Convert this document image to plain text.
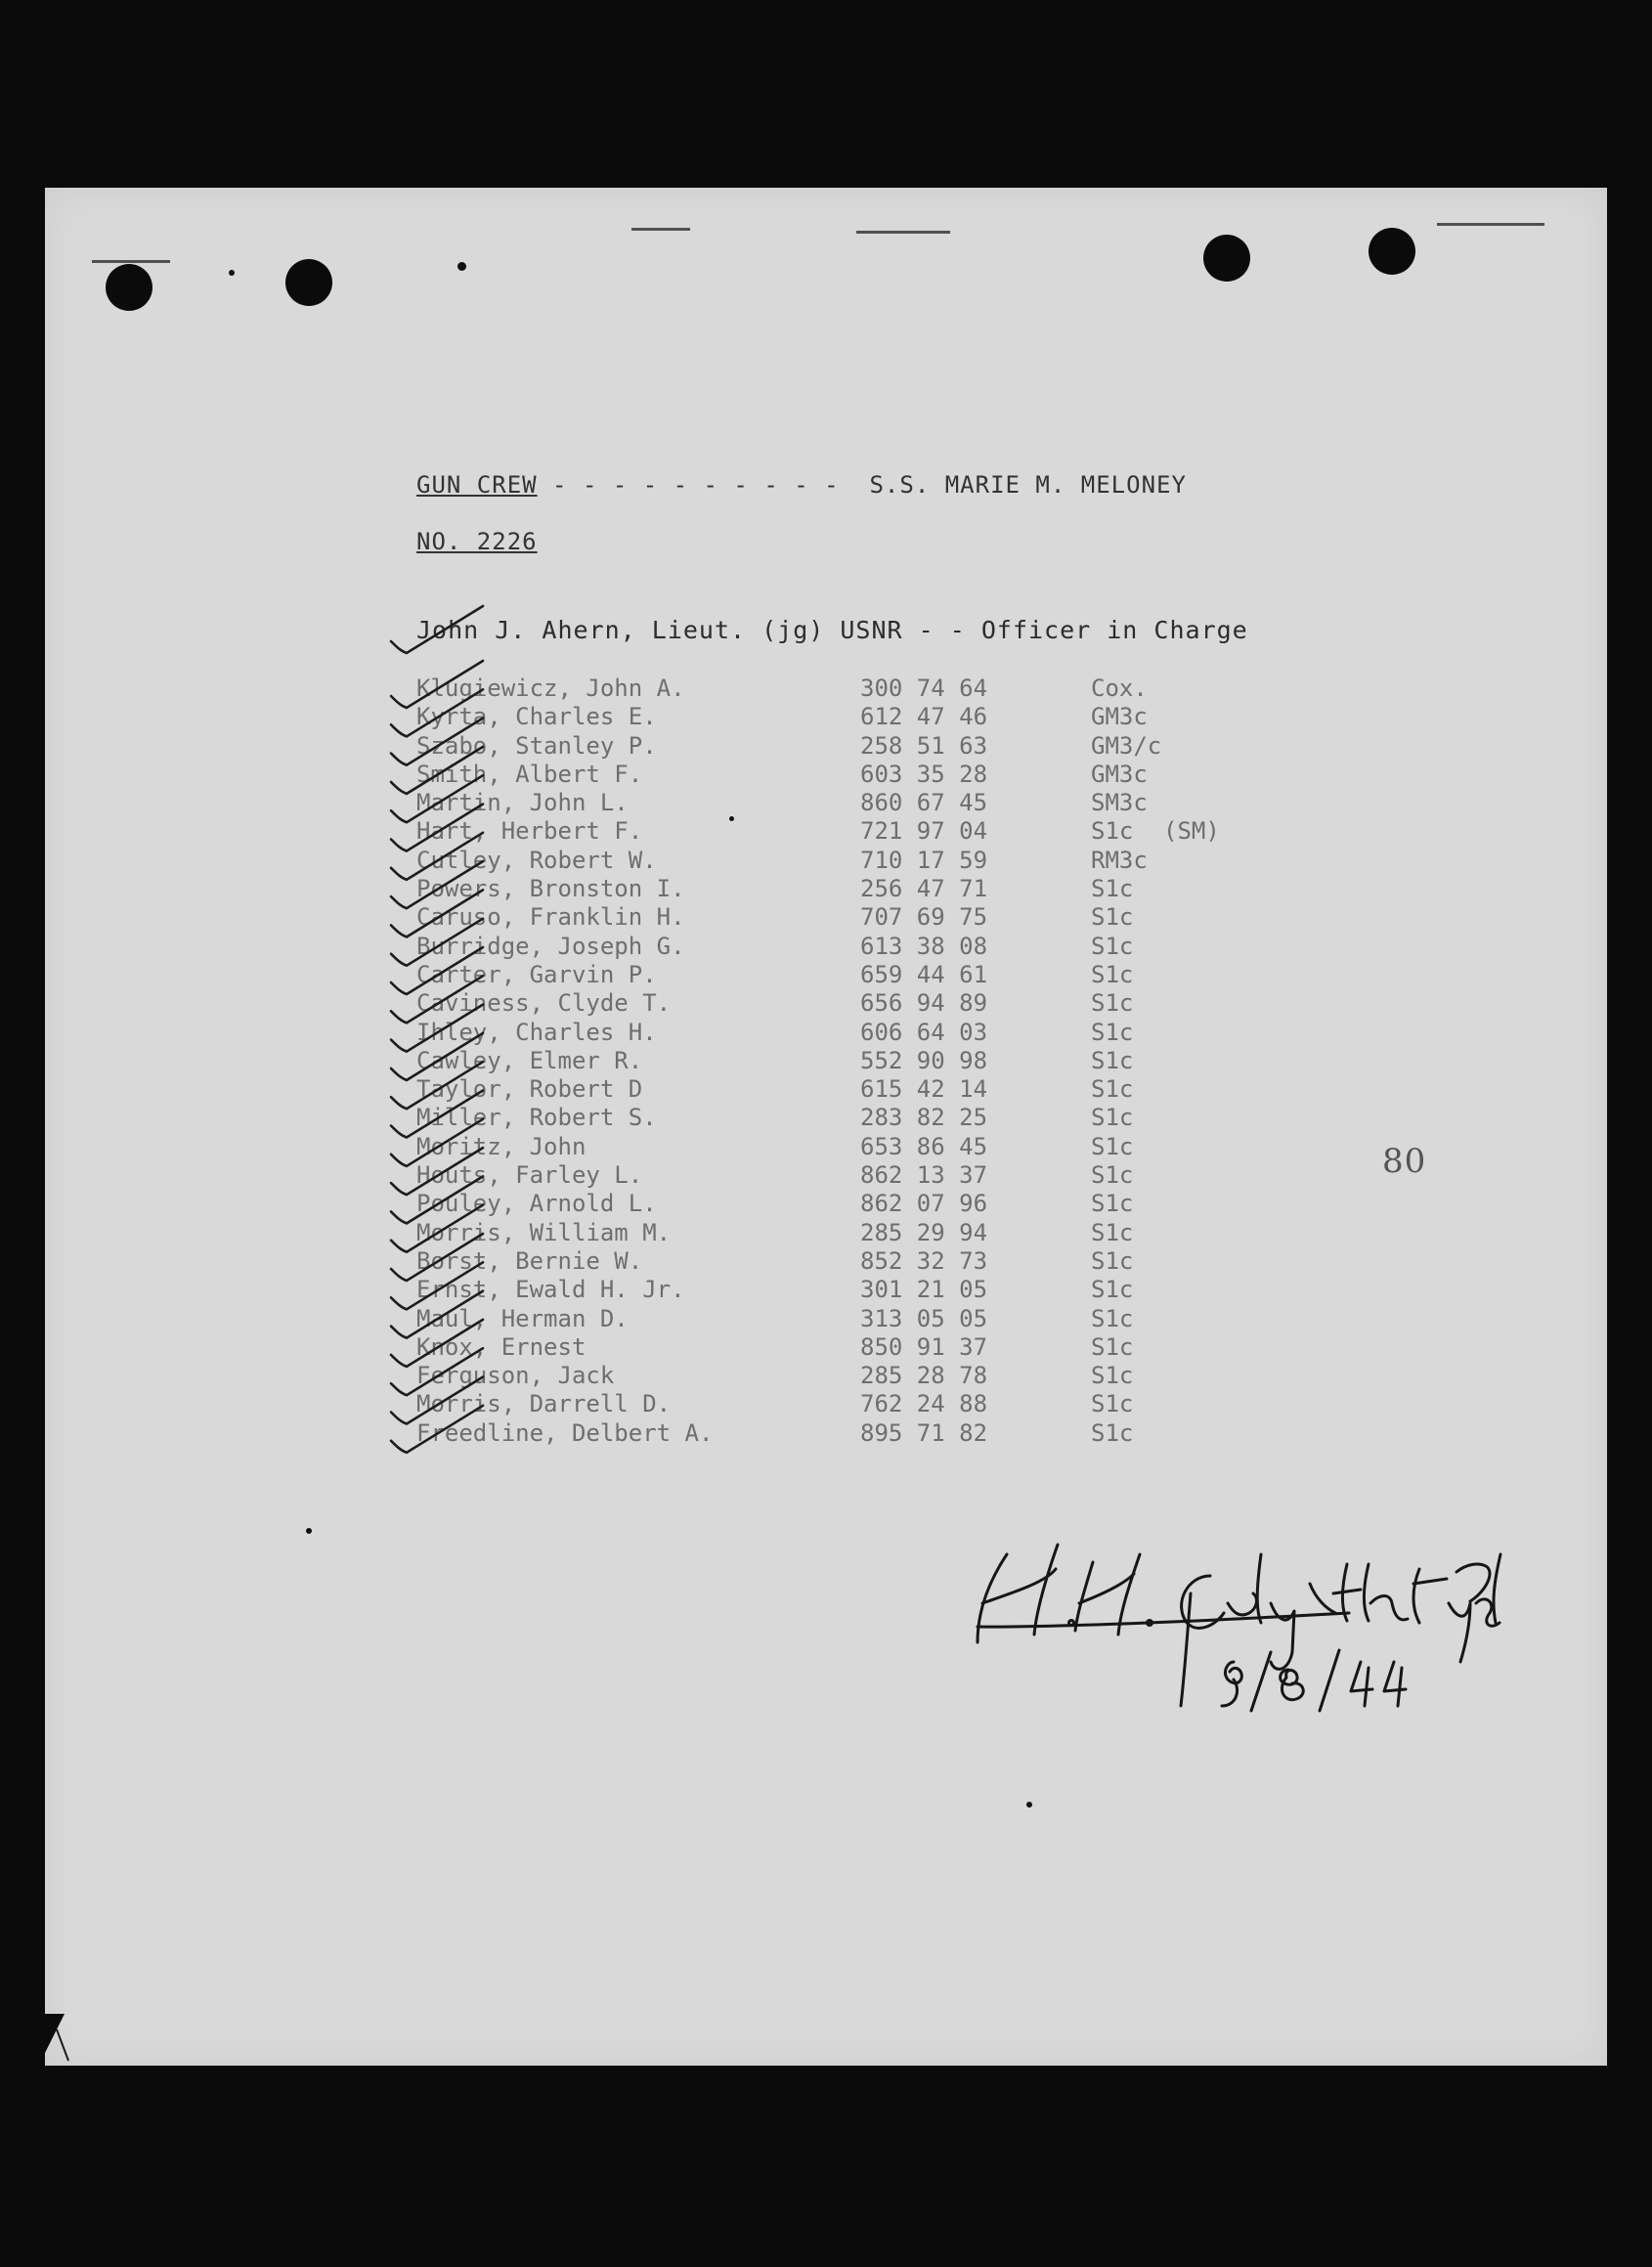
GUN CREW - - - - - - - - - -  S.S. MARIE M. MELONEY
NO. 2226
John J. Ahern, Lieut. (jg) USNR - - Officer in Charge
Klugiewicz, John A.	300 74 64	Cox.
Kyrta, Charles E.	612 47 46	GM3c
Szabo, Stanley P.	258 51 63	GM3/c
Smith, Albert F.	603 35 28	GM3c
Martin, John L.	860 67 45	SM3c
Hart, Herbert F.	721 97 04	S1c (SM)
Cutley, Robert W.	710 17 59	RM3c
Powers, Bronston I.	256 47 71	S1c
Caruso, Franklin H.	707 69 75	S1c
Burridge, Joseph G.	613 38 08	S1c
Carter, Garvin P.	659 44 61	S1c
Caviness, Clyde T.	656 94 89	S1c
Ihley, Charles H.	606 64 03	S1c
Cawley, Elmer R.	552 90 98	S1c
Taylor, Robert D	615 42 14	S1c
Miller, Robert S.	283 82 25	S1c
Moritz, John	653 86 45	S1c
Houts, Farley L.	862 13 37	S1c
Pouley, Arnold L.	862 07 96	S1c
Morris, William M.	285 29 94	S1c
Borst, Bernie W.	852 32 73	S1c
Ernst, Ewald H. Jr.	301 21 05	S1c
Maul, Herman D.	313 05 05	S1c
Knox, Ernest	850 91 37	S1c
Ferguson, Jack	285 28 78	S1c
Morris, Darrell D.	762 24 88	S1c
Freedline, Delbert A.	895 71 82	S1c
80
